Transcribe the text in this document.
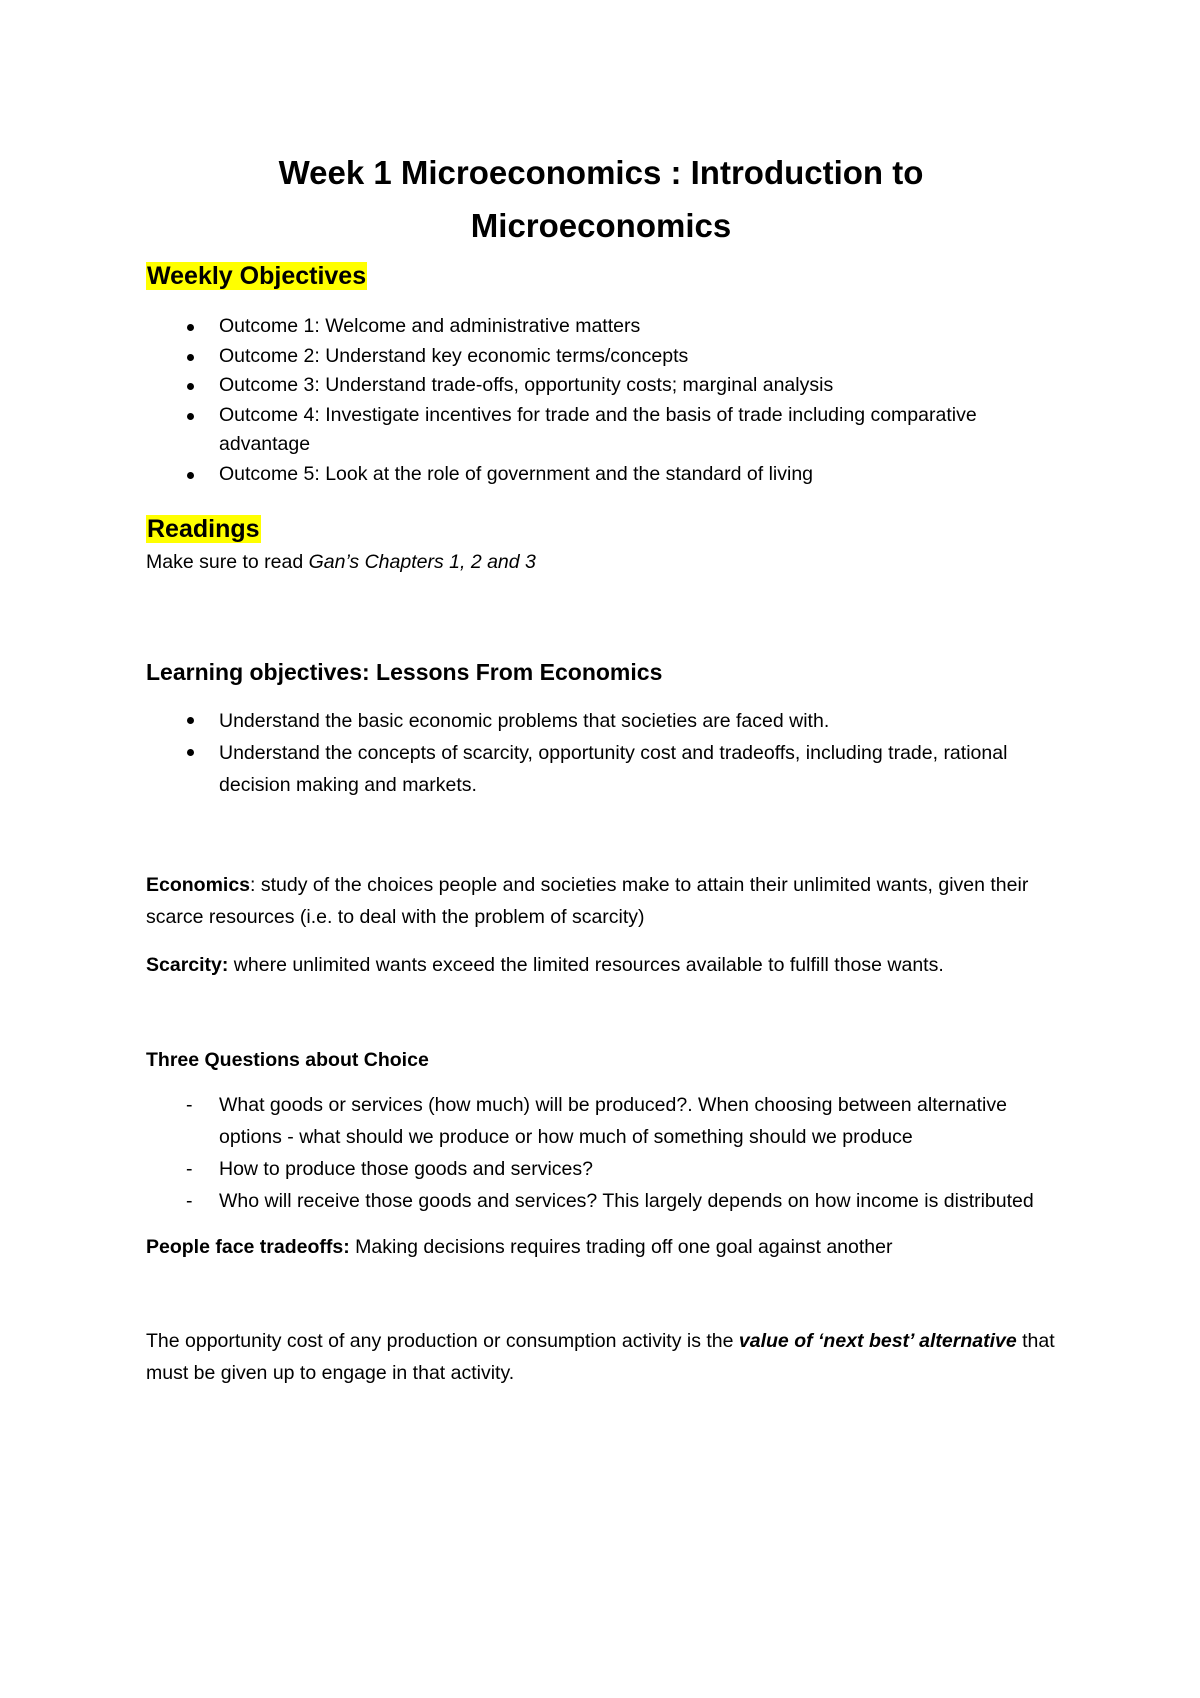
Week 1 Microeconomics : Introduction to Microeconomics
Weekly Objectives
Outcome 1: Welcome and administrative matters
Outcome 2: Understand key economic terms/concepts
Outcome 3: Understand trade-offs, opportunity costs; marginal analysis
Outcome 4: Investigate incentives for trade and the basis of trade including comparative advantage
Outcome 5: Look at the role of government and the standard of living
Readings

Make sure to read Gan’s Chapters 1, 2 and 3

Learning objectives: Lessons From Economics
Understand the basic economic problems that societies are faced with.
Understand the concepts of scarcity, opportunity cost and tradeoffs, including trade, rational decision making and markets.

Economics: study of the choices people and societies make to attain their unlimited wants, given their scarce resources (i.e. to deal with the problem of scarcity)

Scarcity: where unlimited wants exceed the limited resources available to fulfill those wants.

Three Questions about Choice
- What goods or services (how much) will be produced?. When choosing between alternative options - what should we produce or how much of something should we produce
- How to produce those goods and services?
- Who will receive those goods and services? This largely depends on how income is distributed

People face tradeoffs: Making decisions requires trading off one goal against another

The opportunity cost of any production or consumption activity is the value of ‘next best’ alternative that must be given up to engage in that activity.
